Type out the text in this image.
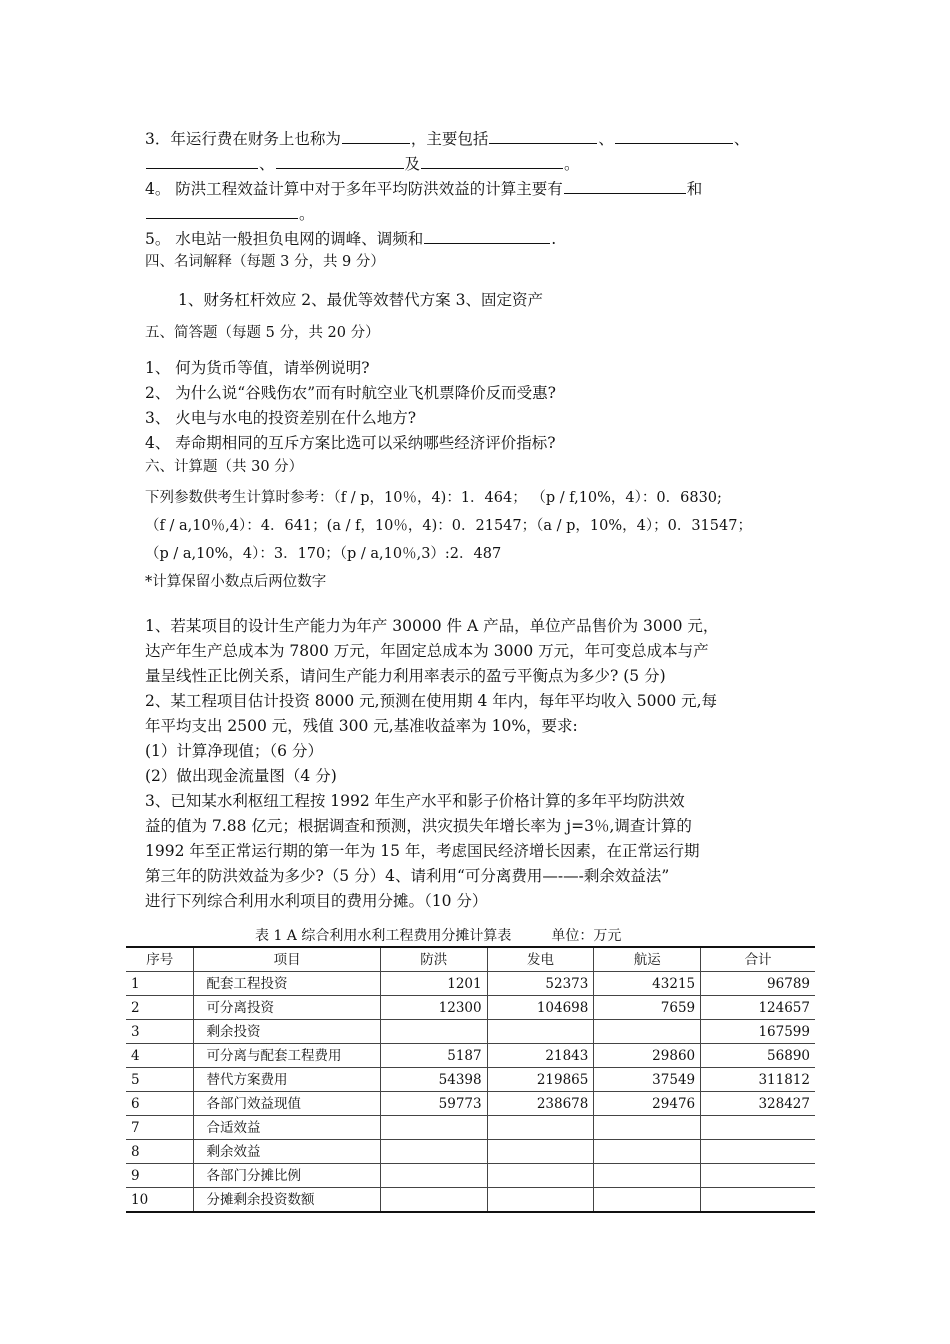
3．年运行费在财务上也称为	，主要包括	、	、
、	及	。
4。 防洪工程效益计算中对于多年平均防洪效益的计算主要有	和
。
5。 水电站一般担负电网的调峰、调频和	.
四、名词解释（每题 3 分，共 9 分）
1、财务杠杆效应 2、最优等效替代方案 3、固定资产
五、简答题（每题 5 分，共 20 分）
1、 何为货币等值，请举例说明?
2、 为什么说“谷贱伤农”而有时航空业飞机票降价反而受惠?
3、 火电与水电的投资差别在什么地方?
4、 寿命期相同的互斥方案比选可以采纳哪些经济评价指标?
六、计算题（共 30 分）
下列参数供考生计算时参考：（f / p，10％，4)：1．464； （p / f,10%，4）：0．6830;
（f / a,10％,4）：4．641；(a / f，10％，4)：0．21547；（a / p，10%，4）；0．31547；
（p / a,10%，4）：3．170；（p / a,10％,3）:2．487
*计算保留小数点后两位数字
1、若某项目的设计生产能力为年产 30000 件 A 产品，单位产品售价为 3000 元，
达产年生产总成本为 7800 万元，年固定总成本为 3000 万元，年可变总成本与产
量呈线性正比例关系，请问生产能力利用率表示的盈亏平衡点为多少? (5 分)
2、某工程项目估计投资 8000 元,预测在使用期 4 年内，每年平均收入 5000 元,每
年平均支出 2500 元，残值 300 元,基准收益率为 10%，要求:
(1）计算净现值；（6 分）
(2）做出现金流量图（4 分)
3、已知某水利枢纽工程按 1992 年生产水平和影子价格计算的多年平均防洪效
益的值为 7.88 亿元；根据调查和预测，洪灾损失年增长率为 j=3％,调查计算的
1992 年至正常运行期的第一年为 15 年，考虑国民经济增长因素，在正常运行期
第三年的防洪效益为多少?（5 分）4、请利用“可分离费用—-—-剩余效益法”
进行下列综合利用水利项目的费用分摊。（10 分）
表 1 A 综合利用水利工程费用分摊计算表	单位：万元
序号	项目	防洪	发电	航运	合计
1	配套工程投资	1201	52373	43215	96789
2	可分离投资	12300	104698	7659	124657
3	剩余投资				167599
4	可分离与配套工程费用	5187	21843	29860	56890
5	替代方案费用	54398	219865	37549	311812
6	各部门效益现值	59773	238678	29476	328427
7	合适效益				
8	剩余效益				
9	各部门分摊比例				
10	分摊剩余投资数额				
